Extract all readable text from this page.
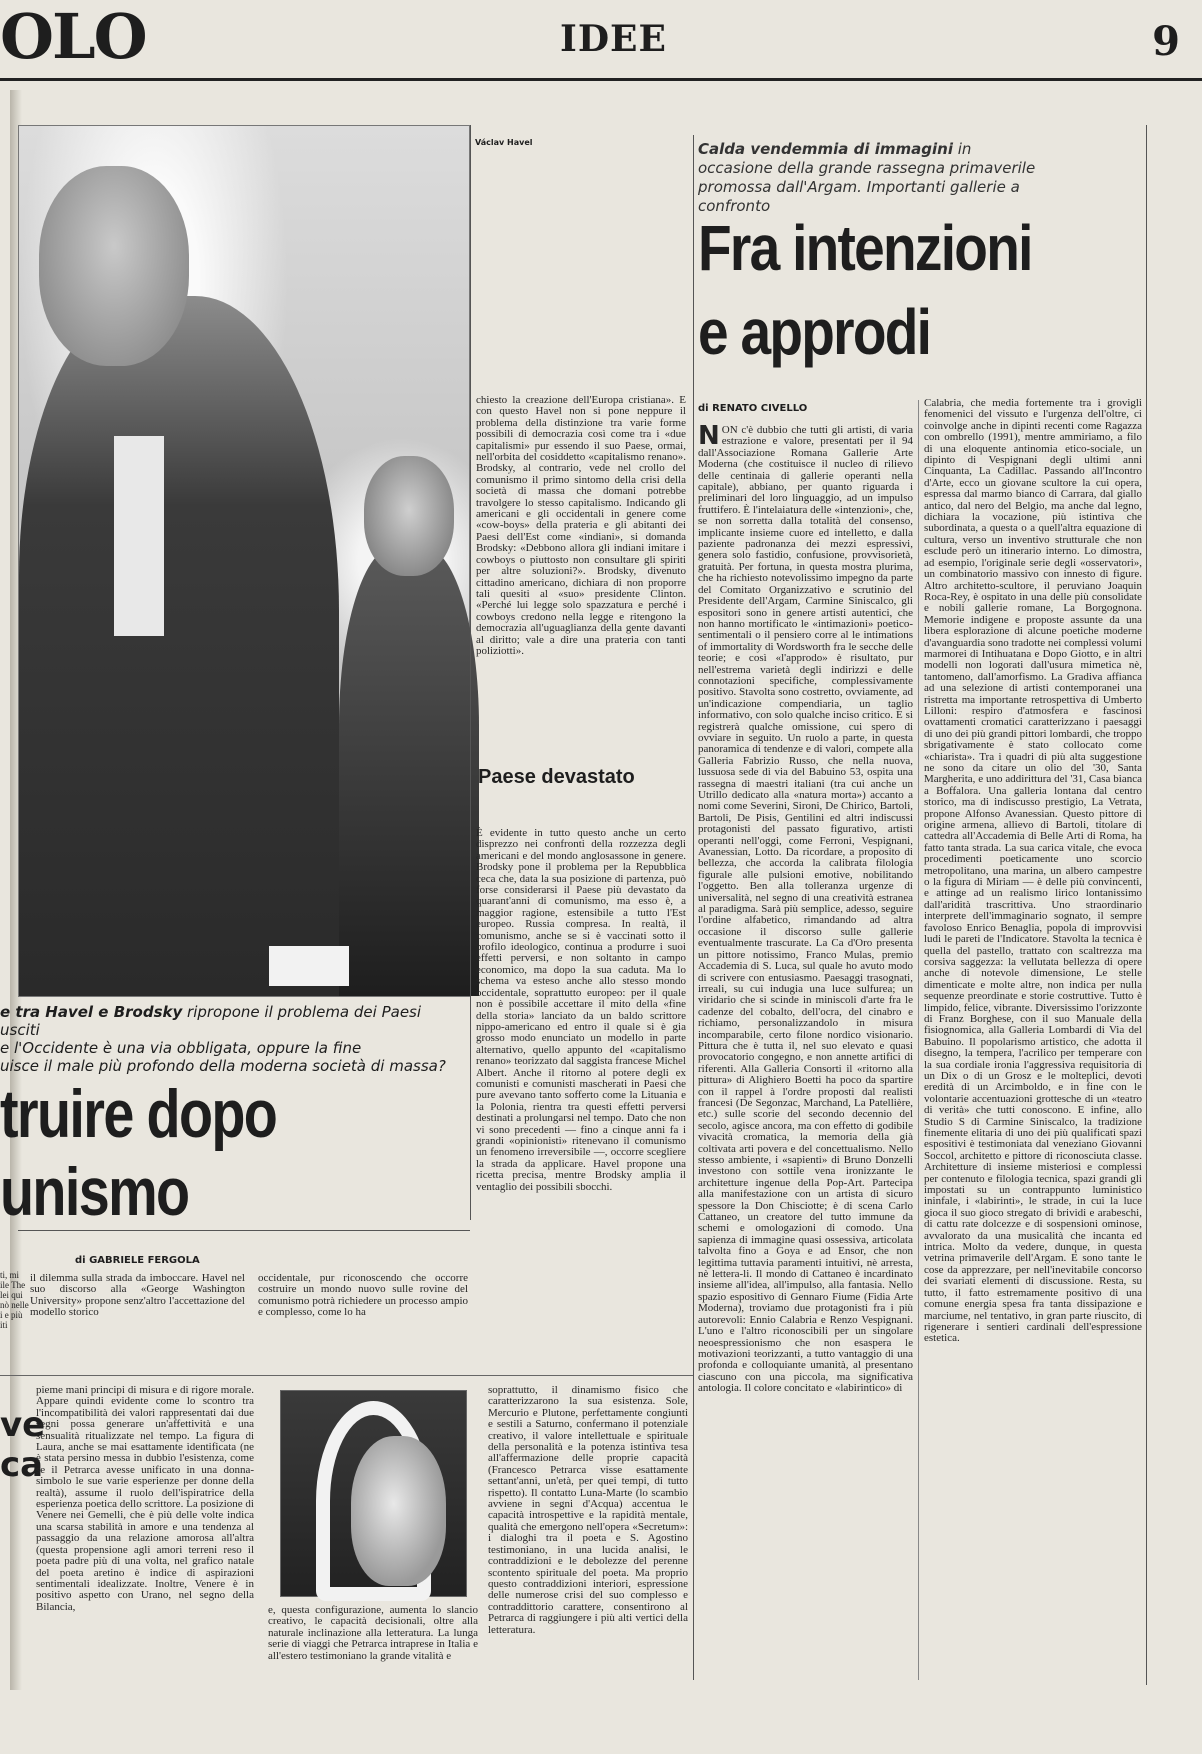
OLO	IDEE	9
e tra Havel e Brodsky ripropone il problema dei Paesi usciti
e l'Occidente è una via obbligata, oppure la fine
uisce il male più profondo della moderna società di massa?
truire dopo
unismo
di GABRIELE FERGOLA
il dilemma sulla strada da imboccare. Havel nel suo discorso alla «George Washington University» propone senz'altro l'accettazione del modello storico
occidentale, pur riconoscendo che occorre costruire un mondo nuovo sulle rovine del comunismo potrà richiedere un processo ampio e complesso, come lo ha
Václav Havel
chiesto la creazione dell'Europa cristiana». E con questo Havel non si pone neppure il problema della distinzione tra varie forme possibili di democrazia così come tra i «due capitalismi» pur essendo il suo Paese, ormai, nell'orbita del cosiddetto «capitalismo renano». Brodsky, al contrario, vede nel crollo del comunismo il primo sintomo della crisi della società di massa che domani potrebbe travolgere lo stesso capitalismo. Indicando gli americani e gli occidentali in genere come «cow-boys» della prateria e gli abitanti dei Paesi dell'Est come «indiani», si domanda Brodsky: «Debbono allora gli indiani imitare i cowboys o piuttosto non consultare gli spiriti per altre soluzioni?». Brodsky, divenuto cittadino americano, dichiara di non proporre tali quesiti al «suo» presidente Clinton. «Perché lui legge solo spazzatura e perché i cowboys credono nella legge e ritengono la democrazia all'uguaglianza della gente davanti al diritto; vale a dire una prateria con tanti poliziotti».
Paese devastato
È evidente in tutto questo anche un certo disprezzo nei confronti della rozzezza degli americani e del mondo anglosassone in genere. Brodsky pone il problema per la Repubblica ceca che, data la sua posizione di partenza, può forse considerarsi il Paese più devastato da quarant'anni di comunismo, ma esso è, a maggior ragione, estensibile a tutto l'Est europeo. Russia compresa. In realtà, il comunismo, anche se si è vaccinati sotto il profilo ideologico, continua a produrre i suoi effetti perversi, e non soltanto in campo economico, ma dopo la sua caduta. Ma lo schema va esteso anche allo stesso mondo occidentale, soprattutto europeo: per il quale non è possibile accettare il mito della «fine della storia» lanciato da un baldo scrittore nippo-americano ed entro il quale si è gia grosso modo enunciato un modello in parte alternativo, quello appunto del «capitalismo renano» teorizzato dal saggista francese Michel Albert. Anche il ritorno al potere degli ex comunisti e comunisti mascherati in Paesi che pure avevano tanto sofferto come la Lituania e la Polonia, rientra tra questi effetti perversi destinati a prolungarsi nel tempo. Dato che non vi sono precedenti — fino a cinque anni fa i grandi «opinionisti» ritenevano il comunismo un fenomeno irreversibile —, occorre scegliere la strada da applicare. Havel propone una ricetta precisa, mentre Brodsky amplia il ventaglio dei possibili sbocchi.
Calda vendemmia di immagini in occasione della grande rassegna primaverile promossa dall'Argam. Importanti gallerie a confronto
Fra intenzioni
e approdi
di RENATO CIVELLO
N ON c'è dubbio che tutti gli artisti, di varia estrazione e valore, presentati per il 94 dall'Associazione Romana Gallerie Arte Moderna (che costituisce il nucleo di rilievo delle centinaia di gallerie operanti nella capitale), abbiano, per quanto riguarda i preliminari del loro linguaggio, ad un impulso fruttifero. È l'intelaiatura delle «intenzioni», che, se non sorretta dalla totalità del consenso, implicante insieme cuore ed intelletto, e dalla paziente padronanza dei mezzi espressivi, genera solo fastidio, confusione, provvisorietà, gratuità. Per fortuna, in questa mostra plurima, che ha richiesto notevolissimo impegno da parte del Comitato Organizzativo e scrutinio del Presidente dell'Argam, Carmine Siniscalco, gli espositori sono in genere artisti autentici, che non hanno mortificato le «intimazioni» poetico-sentimentali o il pensiero corre al le intimations of immortality di Wordsworth fra le secche delle teorie; e così «l'approdo» è risultato, pur nell'estrema varietà degli indirizzi e delle connotazioni specifiche, complessivamente positivo. Stavolta sono costretto, ovviamente, ad un'indicazione compendiaria, un taglio informativo, con solo qualche inciso critico. E si registrerà qualche omissione, cui spero di ovviare in seguito. Un ruolo a parte, in questa panoramica di tendenze e di valori, compete alla Galleria Fabrizio Russo, che nella nuova, lussuosa sede di via del Babuino 53, ospita una rassegna di maestri italiani (tra cui anche un Utrillo dedicato alla «natura morta») accanto a nomi come Severini, Sironi, De Chirico, Bartoli, Bartoli, De Pisis, Gentilini ed altri indiscussi protagonisti del passato figurativo, artisti operanti nell'oggi, come Ferroni, Vespignani, Avanessian, Lotto. Da ricordare, a proposito di bellezza, che accorda la calibrata filologia figurale alle pulsioni emotive, nobilitando l'oggetto. Ben alla tolleranza urgenze di universalità, nel segno di una creatività estranea al paradigma. Sarà più semplice, adesso, seguire l'ordine alfabetico, rimandando ad altra occasione il discorso sulle gallerie eventualmente trascurate. La Ca d'Oro presenta un pittore notissimo, Franco Mulas, premio Accademia di S. Luca, sul quale ho avuto modo di scrivere con entusiasmo. Paesaggi trasognati, irreali, su cui indugia una luce sulfurea; un viridario che si scinde in miniscoli d'arte fra le cadenze del cobalto, dell'ocra, del cinabro e richiamo, personalizzandolo in misura incomparabile, certo filone nordico visionario. Pittura che è tutta il, nel suo elevato e quasi provocatorio congegno, e non annette artifici di riferenti. Alla Galleria Consorti il «ritorno alla pittura» di Alighiero Boetti ha poco da spartire con il rappel à l'ordre proposti dal realisti francesi (De Segonzac, Marchand, La Patellière, etc.) sulle scorie del secondo decennio del secolo, agisce ancora, ma con effetto di godibile vivacità cromatica, la memoria della già coltivata arti povera e del concettualismo. Nello stesso ambiente, i «sapienti» di Bruno Donzelli investono con sottile vena ironizzante le architetture ingenue della Pop-Art. Partecipa alla manifestazione con un artista di sicuro spessore la Don Chisciotte; è di scena Carlo Cattaneo, un creatore del tutto immune da schemi e omologazioni di comodo. Una sapienza di immagine quasi ossessiva, articolata talvolta fino a Goya e ad Ensor, che non legittima tuttavia paramenti intuitivi, nè arresta, nè lettera-li. Il mondo di Cattaneo è incardinato insieme all'idea, all'impulso, alla fantasia. Nello spazio espositivo di Gennaro Fiume (Fidia Arte Moderna), troviamo due protagonisti fra i più autorevoli: Ennio Calabria e Renzo Vespignani. L'uno e l'altro riconoscibili per un singolare neoespressionismo che non esaspera le motivazioni teorizzanti, a tutto vantaggio di una profonda e colloquiante umanità, al presentano ciascuno con una piccola, ma significativa antologia. Il colore concitato e «labirintico» di
Calabria, che media fortemente tra i grovigli fenomenici del vissuto e l'urgenza dell'oltre, ci coinvolge anche in dipinti recenti come Ragazza con ombrello (1991), mentre ammiriamo, a filo di una eloquente antinomia etico-sociale, un dipinto di Vespignani degli ultimi anni Cinquanta, La Cadillac. Passando all'Incontro d'Arte, ecco un giovane scultore la cui opera, espressa dal marmo bianco di Carrara, dal giallo antico, dal nero del Belgio, ma anche dal legno, dichiara la vocazione, più istintiva che subordinata, a questa o a quell'altra equazione di cultura, verso un inventivo strutturale che non esclude però un itinerario interno. Lo dimostra, ad esempio, l'originale serie degli «osservatori», un combinatorio massivo con innesto di figure. Altro architetto-scultore, il peruviano Joaquin Roca-Rey, è ospitato in una delle più consolidate e nobili gallerie romane, La Borgognona. Memorie indigene e proposte assunte da una libera esplorazione di alcune poetiche moderne d'avanguardia sono tradotte nei complessi volumi marmorei di Intihuatana e Dopo Giotto, e in altri modelli non logorati dall'usura mimetica nè, tantomeno, dall'amorfismo. La Gradiva affianca ad una selezione di artisti contemporanei una ristretta ma importante retrospettiva di Umberto Lilloni: respiro d'atmosfera e fascinosi ovattamenti cromatici caratterizzano i paesaggi di uno dei più grandi pittori lombardi, che troppo sbrigativamente è stato collocato come «chiarista». Tra i quadri di più alta suggestione ne sono da citare un olio del '30, Santa Margherita, e uno addirittura del '31, Casa bianca a Boffalora. Una galleria lontana dal centro storico, ma di indiscusso prestigio, La Vetrata, propone Alfonso Avanessian. Questo pittore di origine armena, allievo di Bartoli, titolare di cattedra all'Accademia di Belle Arti di Roma, ha fatto tanta strada. La sua carica vitale, che evoca procedimenti poeticamente uno scorcio metropolitano, una marina, un albero campestre o la figura di Miriam — è delle più convincenti, e attinge ad un realismo lirico lontanissimo dall'aridità trascrittiva. Uno straordinario interprete dell'immaginario sognato, il sempre favoloso Enrico Benaglia, popola di improvvisi ludi le pareti de l'Indicatore. Stavolta la tecnica è quella del pastello, trattato con scaltrezza ma corsiva saggezza: la vellutata bellezza di opere anche di notevole dimensione, Le stelle dimenticate e molte altre, non indica per nulla sequenze preordinate e storie costruttive. Tutto è limpido, felice, vibrante. Diversissimo l'orizzonte di Franz Borghese, con il suo Manuale della fisiognomica, alla Galleria Lombardi di Via del Babuino. Il popolarismo artistico, che adotta il disegno, la tempera, l'acrilico per temperare con la sua cordiale ironia l'aggressiva requisitoria di un Dix o di un Grosz e le molteplici, devoti eredità di un Arcimboldo, e in fine con le volontarie accentuazioni grottesche di un «teatro di verità» che tutti conoscono. E infine, allo Studio S di Carmine Siniscalco, la tradizione finemente elitaria di uno dei più qualificati spazi espositivi è testimoniata dal veneziano Giovanni Soccol, architetto e pittore di riconosciuta classe. Architetture di insieme misteriosi e complessi per contenuto e filologia tecnica, spazi grandi gli impostati su un contrappunto luministico ininfale, i «labirinti», le strade, in cui la luce gioca il suo gioco stregato di brividi e arabeschi, di cattu rate dolcezze e di sospensioni ominose, avvalorato da una musicalità che incanta ed intrica. Molto da vedere, dunque, in questa vetrina primaverile dell'Argam. E sono tante le cose da apprezzare, per nell'inevitabile concorso dei svariati elementi di discussione. Resta, su tutto, il fatto estremamente positivo di una comune energia spesa fra tanta dissipazione e marciume, nel tentativo, in gran parte riuscito, di rigenerare i sentieri cardinali dell'espressione estetica.
ti, mi ile The lei qui nò nelle i e più iti
ve ca
pieme mani principi di misura e di rigore morale. Appare quindi evidente come lo scontro tra l'incompatibilità dei valori rappresentati dai due segni possa generare un'affettività e una sensualità ritualizzate nel tempo. La figura di Laura, anche se mai esattamente identificata (ne è stata persino messa in dubbio l'esistenza, come se il Petrarca avesse unificato in una donna-simbolo le sue varie esperienze per donne della realtà), assume il ruolo dell'ispiratrice della esperienza poetica dello scrittore. La posizione di Venere nei Gemelli, che è più delle volte indica una scarsa stabilità in amore e una tendenza al passaggio da una relazione amorosa all'altra (questa propensione agli amori terreni reso il poeta padre più di una volta, nel grafico natale del poeta aretino è indice di aspirazioni sentimentali idealizzate. Inoltre, Venere è in positivo aspetto con Urano, nel segno della Bilancia,	e, questa configurazione, aumenta lo slancio creativo, le capacità decisionali, oltre alla naturale inclinazione alla letteratura. La lunga serie di viaggi che Petrarca intraprese in Italia e all'estero testimoniano la grande vitalità e
soprattutto, il dinamismo fisico che caratterizzarono la sua esistenza. Sole, Mercurio e Plutone, perfettamente congiunti e sestili a Saturno, confermano il potenziale creativo, il valore intellettuale e spirituale della personalità e la potenza istintiva tesa all'affermazione delle proprie capacità (Francesco Petrarca visse esattamente settant'anni, un'età, per quei tempi, di tutto rispetto). Il contatto Luna-Marte (lo scambio avviene in segni d'Acqua) accentua le capacità introspettive e la rapidità mentale, qualità che emergono nell'opera «Secretum»: i dialoghi tra il poeta e S. Agostino testimoniano, in una lucida analisi, le contraddizioni e le debolezze del perenne scontento spirituale del poeta. Ma proprio questo contraddizioni interiori, espressione delle numerose crisi del suo complesso e contraddittorio carattere, consentirono al Petrarca di raggiungere i più alti vertici della letteratura.
